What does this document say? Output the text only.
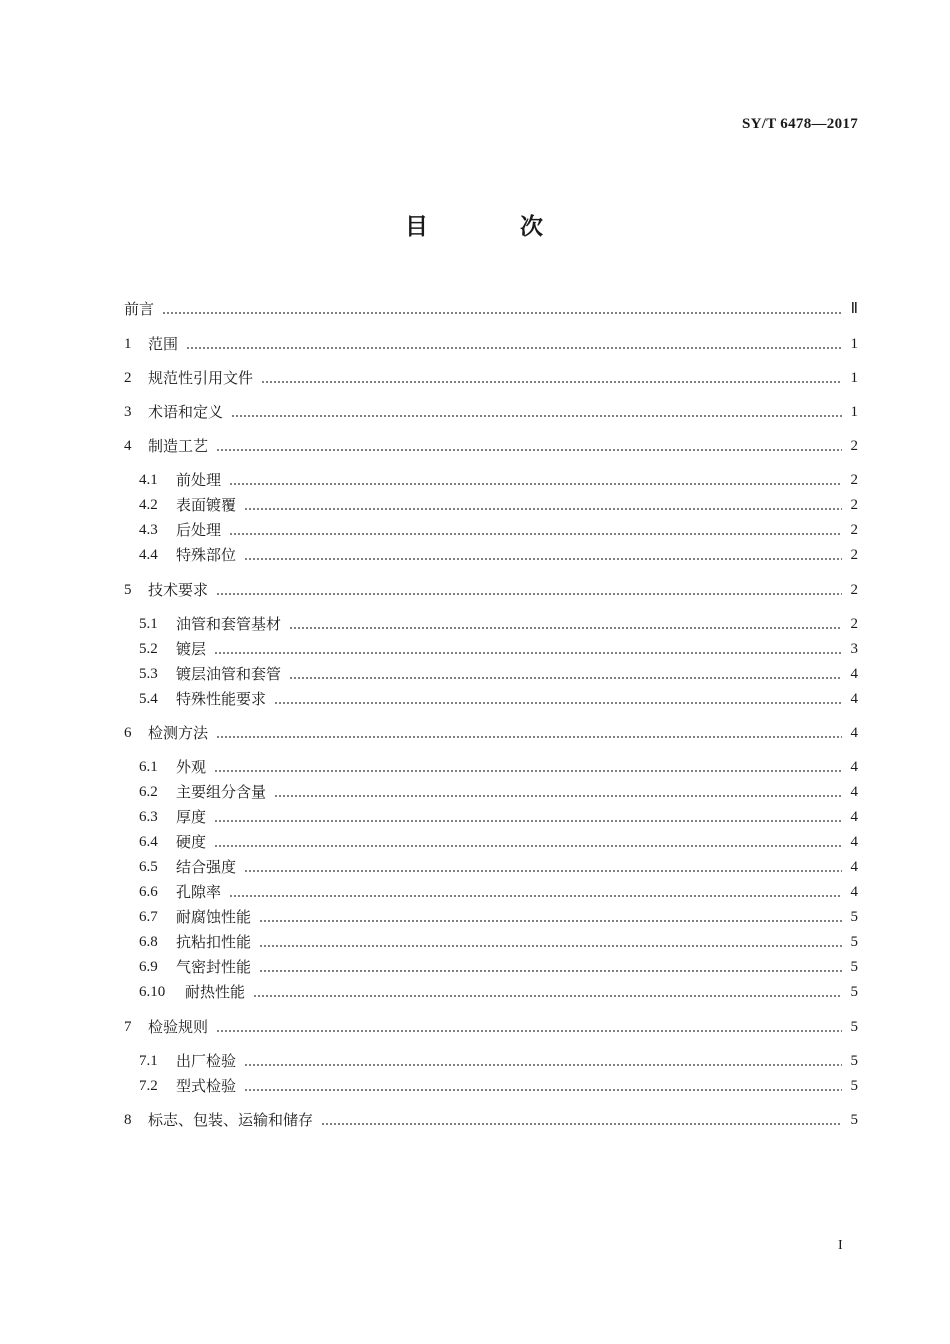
SY/T 6478—2017
目 次
前言	Ⅱ
1	范围	1
2	规范性引用文件	1
3	术语和定义	1
4	制造工艺	2
4.1	前处理	2
4.2	表面镀覆	2
4.3	后处理	2
4.4	特殊部位	2
5	技术要求	2
5.1	油管和套管基材	2
5.2	镀层	3
5.3	镀层油管和套管	4
5.4	特殊性能要求	4
6	检测方法	4
6.1	外观	4
6.2	主要组分含量	4
6.3	厚度	4
6.4	硬度	4
6.5	结合强度	4
6.6	孔隙率	4
6.7	耐腐蚀性能	5
6.8	抗粘扣性能	5
6.9	气密封性能	5
6.10	耐热性能	5
7	检验规则	5
7.1	出厂检验	5
7.2	型式检验	5
8	标志、包装、运输和储存	5
I
